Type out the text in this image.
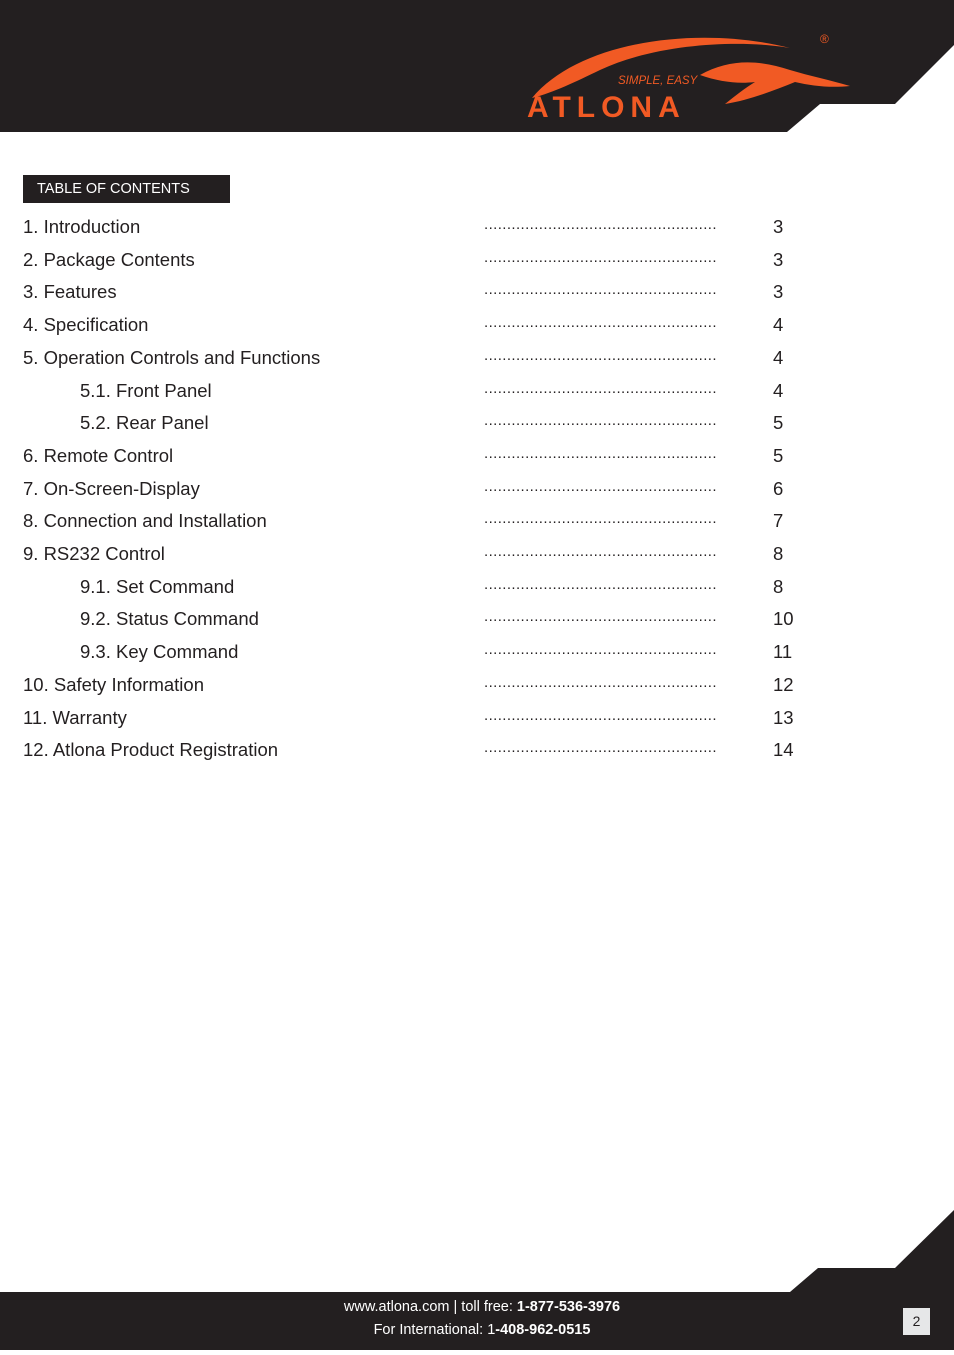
SIMPLE, EASY
ATLONA
®
TABLE OF CONTENTS
1. Introduction	...................................................	3
2. Package Contents	...................................................	3
3. Features	...................................................	3
4. Specification	...................................................	4
5. Operation Controls and Functions	...................................................	4
5.1. Front Panel	...................................................	4
5.2. Rear Panel	...................................................	5
6. Remote Control	...................................................	5
7. On-Screen-Display	...................................................	6
8. Connection and Installation	...................................................	7
9. RS232 Control	...................................................	8
9.1. Set Command	...................................................	8
9.2. Status Command	...................................................	10
9.3. Key Command	...................................................	11
10. Safety Information	...................................................	12
11. Warranty	...................................................	13
12. Atlona Product Registration	...................................................	14
www.atlona.com | toll free: 1-877-536-3976
For International: 1-408-962-0515
2
